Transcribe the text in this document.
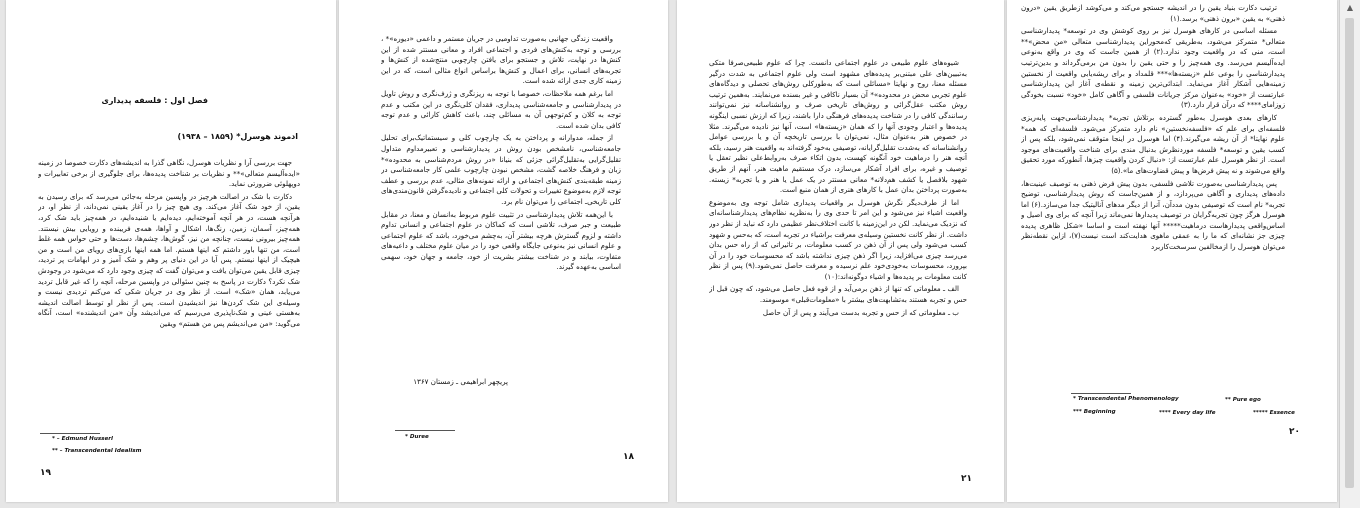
فصل اول : فلسفه پدیداری
ادموند هوسرل* (۱۸۵۹ – ۱۹۳۸)

جهت بررسی آرا و نظریات هوسرل، نگاهی گذرا به اندیشه‌های دکارت خصوصا در زمینه «ایده‌آلیسم متعالی»** و نظریات بر شناخت پدیده‌ها، برای جلوگیری از برخی تعابیرات و دوپهلوئی ضرورتی نماید.

دکارت با شک در اصالت هرچیز در واپسین مرحله به‌جائی می‌رسد که برای رسیدن به یقین، از خود شک آغاز می‌کند. وی هیچ چیز را در آغاز یقینی نمی‌داند، از نظر او، در هرآنچه هست، در هر آنچه آموخته‌ایم، دیده‌ایم یا شنیده‌ایم، در همه‌چیز باید شک کرد، همه‌چیز، آسمان، زمین، رنگ‌ها، اشکال و آواها، همه‌ی فریبنده و رویایی بیش نیستند. همه‌چیز بیرونی نیست، چنانچه من نیز، گوش‌ها، چشم‌ها، دست‌ها و حتی حواس همه غلط است، من تنها باور داشتم که اینها هستم. اما همه اینها بازی‌های رویای من است و من هیچیک از اینها نیستم. پس آیا در این دنیای پر وهم و شک آمیز و در ابهامات پر تردید، چیزی قابل یقین می‌توان یافت و می‌توان گفت که چیزی وجود دارد که می‌شود در وجودش شک نکرد؟ دکارت در پاسخ به چنین سئوالی در واپسین مرحله، آنچه را که غیر قابل تردید می‌یابد، همان «شک» است. از نظر وی در جریان شکی که می‌کنم تردیدی نیست و وسیله‌ی این شک کردن‌ها نیز اندیشیدن است. پس از نظر او توسط اصالت اندیشه به‌هستی عینی و شک‌ناپذیری می‌رسیم که می‌اندیشد وآن «من اندیشنده» است، آنگاه می‌گوید: «من می‌اندیشم پس من هستم» ویقین

* – Edmund Husserl
** – Transcendental Idealism
۱۹

واقعیت زندگی جهانیی به‌صورت تداومیی در جریان مستمر و داعمی «دیوره»* ، بررسی و توجه به‌کنش‌های فردی و اجتماعی افراد و معانی مستتر شده از این کنش‌ها در نهایت، تلاش و جستجو برای یافتن چارچوبی منتج‌شده از کنش‌ها و تجربه‌های انسانی، برای اعمال و کنش‌ها براساس انواع مثالی است، که در این زمینه کاری جدی ارائه شده است.

اما برغم همه ملاحظات، خصوصا با توجه به ریزنگری و ژرف‌نگری و روش تاویل در پدیدارشناسی و جامعه‌شناسی پدیداری، فقدان کلی‌نگری در این مکتب و عدم توجه به کلان و کم‌توجهی آن به مسائلی چند، باعث کاهش کارائی و عدم توجه کافی بدان شده است.

از جمله، مدوارانه و پرداختن به یک چارچوب کلی و سیستماتیک‌برای تحلیل جامعه‌شناسی، نامشخص بودن روش در پدیدارشناسی و تعبیرمداوم متداول تقلیل‌گرایی به‌تقلیل‌گرائی جزئی که بنیانا «در روش مردم‌شناسی به محدوده»* زبان و فرهنگ خلاصه گشت، مشخص نبودن چارچوب علمی کار جامعه‌شناسی در زمینه طبقه‌بندی کنش‌های اجتماعی و ارائه نمونه‌های مثالی، عدم بررسی و عطف توجه لازم به‌موضوع تغییرات و تحولات کلی اجتماعی و نادیده‌گرفتن قانون‌مندی‌های کلی تاریخی‌ـ اجتماعی را می‌توان نام برد.

با این‌همه تلاش پدیدارشناسی در تثبیت علوم مربوط به‌انسان و معنا، در مقابل طبیعت و جبر صرف، تلاشی است که کماکان در علوم اجتماعی و انسانی تداوم داشته و لزوم گسترش هرچه بیشتر آن، به‌چشم می‌خورد، باشد که علوم اجتماعی و علوم انسانی نیز به‌نوعی جایگاه واقعی خود را در میان علوم مختلف و داعیه‌های متفاوت، بیابند و در شناخت بیشتر بشریت از خود، جامعه و جهان خود، سهمی اساسی به‌عهده گیرند.

پریچهر ابراهیمی ـ زمستان ۱۳۶۷
* Duree
۱۸

شیوه‌های علوم طبیعی در علوم اجتماعی دانست. چرا که علوم طبیعی‌صرفا متکی به‌تبیین‌های علی مبتنی‌بر پدیده‌های مشهود است ولی علوم اجتماعی به شدت درگیر مسئله معنا، روح و نهایتا «مسائلی است که به‌طورکلی روش‌های تحصلی و دیدگاه‌های علوم تجربی محض در محدوده»* آن بسیار ناکافی و غیر بسنده می‌نمایند. به‌همین ترتیب روش مکتب عقل‌گرائی و روش‌های تاریخی صرف و روانشناسانه نیز نمی‌توانند رسانندگی کافی را در شناخت پدیده‌های فرهنگی دارا باشند، زیرا که ارزش نسبی اینگونه پدیده‌ها و اعتبار وجودی آنها را که همان «زیسته‌ها» است، آنها نیز نادیده می‌گیرند. مثلا در خصوص هنر به‌عنوان مثال، نمی‌توان با بررسی تاریخچه آن و یا بررسی عوامل روانشناسانه که به‌شدت تقلیل‌گرایانه، توصیفی به‌خود گرفته‌اند به واقعیت هنر رسید، بلکه آنچه هنر را درماهیت خود آنگونه کهست، بدون اتکاء صرف به‌روابط‌علی نظیر تعقل یا توصیف و غیره، برای افراد آشکار می‌سازد، درک مستقیم ماهیت هنر، آنهم از طریق شهود بلافصل یا کشف هم‌دلانه* معانی مستتر در یک عمل یا هنر و یا تجربه* زیسته. به‌صورت پرداختن بدان عمل با کارهای هنری از همان منبع است.

اما از طرف‌دیگر نگرش هوسرل بر واقعیات پدیداری شامل توجه وی به‌موضوع واقعیت اشیاء نیز می‌شود و این امر تا حدی وی را به‌نظریه نظام‌های پدیدارشناسانه‌ای که نزدیک می‌نماید. لکن در این‌زمینه با کانت اختلاف‌نظر عظیمی دارد که نباید از نظر دور داشت. از نظر کانت نخستین وسیله‌ی معرفت براشیاء در تجربه است، که به‌حس و شهود کسب می‌شود ولی پس از آن ذهن در کسب معلومات، بر تاثیراتی که از راه حس بدان می‌رسد چیزی می‌افزاید، زیرا اگر ذهن چیزی نداشته باشد که محسوسات خود را در آن بپرورد، محسوسات به‌خودی‌خود علم نرسیده و معرفت حاصل نمی‌شود.(۹) پس از نظر کانت معلومات بر پدیده‌ها و اشیاء دوگونه‌اند:(۱۰)

الف ـ معلوماتی که تنها از ذهن برمی‌آید و از قوه فعل حاصل می‌شود، که چون قبل از حس و تجربه هستند به‌تشابهت‌های بیشتر با «معلومات‌قبلی» موسومند.

ب ـ معلوماتی که از حس و تجربه بدست می‌آیند و پس از آن حاصل

۲۱

ترتیب دکارت بنیاد یقین را در اندیشه جستجو می‌کند و می‌کوشد ازطریق یقین «درون ذهنی» به یقین «برون ذهنی» برسد.(۱)

مسئله اساسی در کارهای هوسرل نیز بر روی کوشش وی در توسعه* پدیدارشناسی متعالی* متمرکز می‌شود، به‌طریقی که‌محوراین پدیدارشناسی متعالی «من محض»** است، منی که در واقعیت وجود ندارد.(۲) از همین جاست که وی در واقع به‌نوعی ایده‌آلیسم می‌رسد. وی همه‌چیز را و حتی یقین را بدون من برمی‌گرداند و بدین‌ترتیب پدیدارشناسی را بوعی علم «زیسته‌ها»*** قلمداد و برای ریشه‌یابی واقعیت از نخستین زمینه‌هایی آشکار آغاز می‌نماید. ابتدائی‌ترین زمینه و نقطه‌ی آغاز این پدیدارشناسی عبارتست از «خود» به‌عنوان مرکز جریانات فلسفی و آگاهی کامل «خود» نسبت بخودگی زوزامای**** که درآن قرار دارد.(۳)

کارهای بعدی هوسرل به‌طور گسترده برتلاش تجربه* پدیدارشناسی‌جهت پایه‌ریزی فلسفه‌ای برای علم که «فلسفه‌نخستین» نام دارد متمرکز می‌شود. فلسفه‌ای که همه* علوم نهایتا* از آن ریشه می‌گیرند.(۴) اما هوسرل در اینجا متوقف نمی‌شود، بلکه پس از کسب یقین و توسعه* فلسفه مورد‌نظرش بدنبال مندی برای شناخت واقعیت‌های موجود است. از نظر هوسرل علم عبارتست از: «دنبال کردن واقعیت چیزها، آنطورکه مورد تحقیق واقع می‌شوند و نه پیش فرض‌ها و پیش قضاوت‌های ما».(۵)

پس پدیدارشناسی به‌صورت تلاشی فلسفی، بدون پیش فرض ذهنی به توصیف عینیت‌ها، داده‌های پدیداری و آگاهی می‌پردازد، و از همین‌جاست که روش پدیدارشناسی، توضیح تجربه* نام است که توصیفی بدون مددآن، آنرا از دیگر مدهای آنالیتیک جدا می‌سازد.(۶) اما هوسرل هرگز چون تجربه‌گرایان در توصیف پدیدارها نمی‌ماند زیرا آنچه که برای وی اصیل و اساس‌واقعی پدیدارهاست درماهیت***** آنها نهفته است و اساسا «شکل ظاهری پدیده چیزی جز نشانه‌ای که ما را به عمقی ماهوی هدایت‌کند است نیست(۷)، ازاین نقطه‌نظر می‌توان هوسرل را ازمخالفین سرسخت‌کاربرد

* Transcendental Phenomenology	** Pure ego
*** Beginning	**** Every day life	***** Essence
۲۰
▲
